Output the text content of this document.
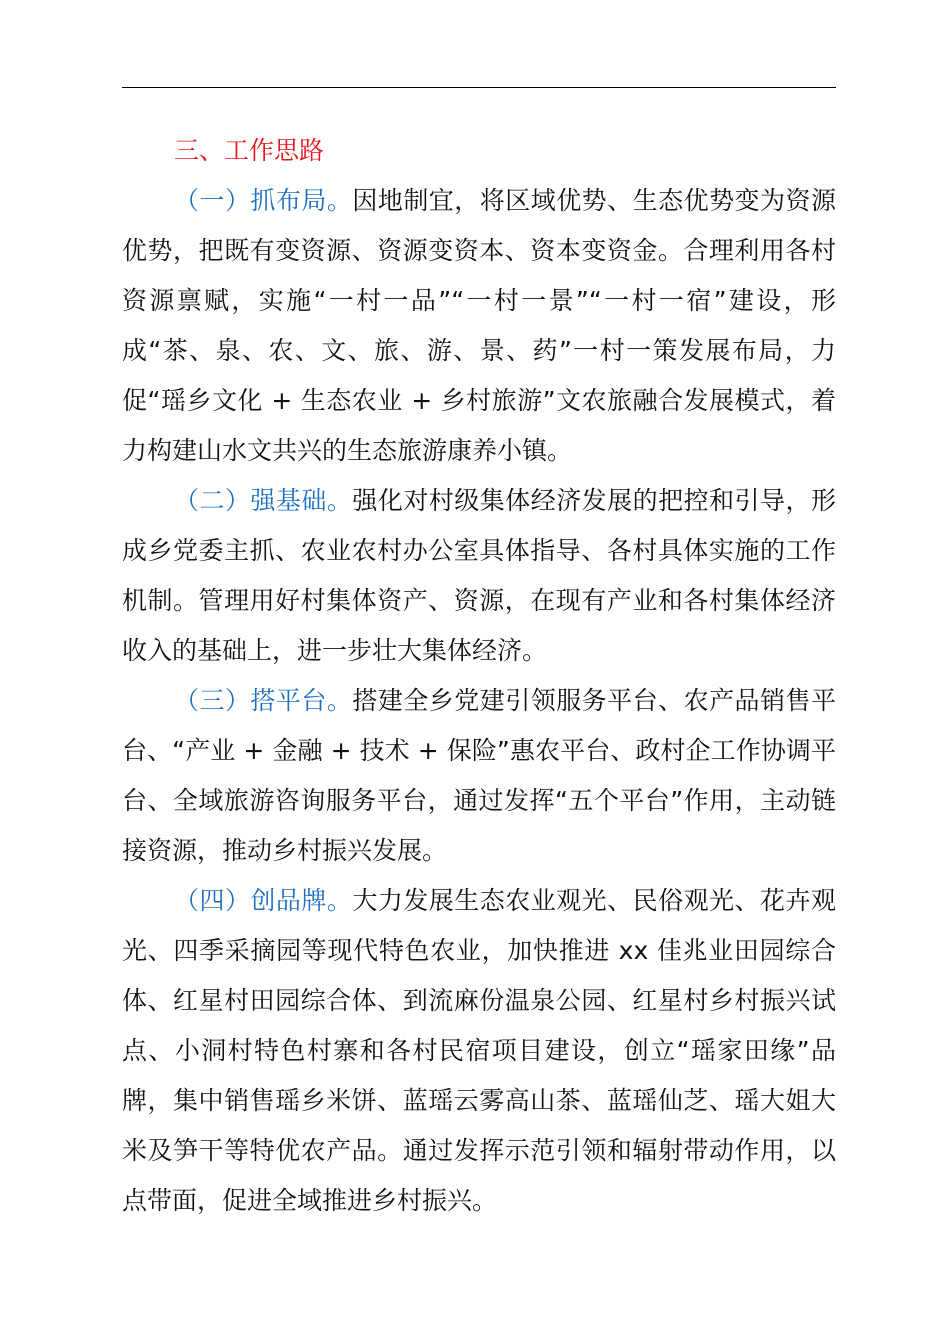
三、工作思路

（一）抓布局。因地制宜，将区域优势、生态优势变为资源优势，把既有变资源、资源变资本、资本变资金。合理利用各村资源禀赋，实施“一村一品”“一村一景”“一村一宿”建设，形成“茶、泉、农、文、旅、游、景、药”一村一策发展布局，力促“瑶乡文化 + 生态农业 + 乡村旅游”文农旅融合发展模式，着力构建山水文共兴的生态旅游康养小镇。

（二）强基础。强化对村级集体经济发展的把控和引导，形成乡党委主抓、农业农村办公室具体指导、各村具体实施的工作机制。管理用好村集体资产、资源，在现有产业和各村集体经济收入的基础上，进一步壮大集体经济。

（三）搭平台。搭建全乡党建引领服务平台、农产品销售平台、“产业 + 金融 + 技术 + 保险”惠农平台、政村企工作协调平台、全域旅游咨询服务平台，通过发挥“五个平台”作用，主动链接资源，推动乡村振兴发展。

（四）创品牌。大力发展生态农业观光、民俗观光、花卉观光、四季采摘园等现代特色农业，加快推进 xx 佳兆业田园综合体、红星村田园综合体、到流麻份温泉公园、红星村乡村振兴试点、小洞村特色村寨和各村民宿项目建设，创立“瑶家田缘”品牌，集中销售瑶乡米饼、蓝瑶云雾高山茶、蓝瑶仙芝、瑶大姐大米及笋干等特优农产品。通过发挥示范引领和辐射带动作用，以点带面，促进全域推进乡村振兴。
